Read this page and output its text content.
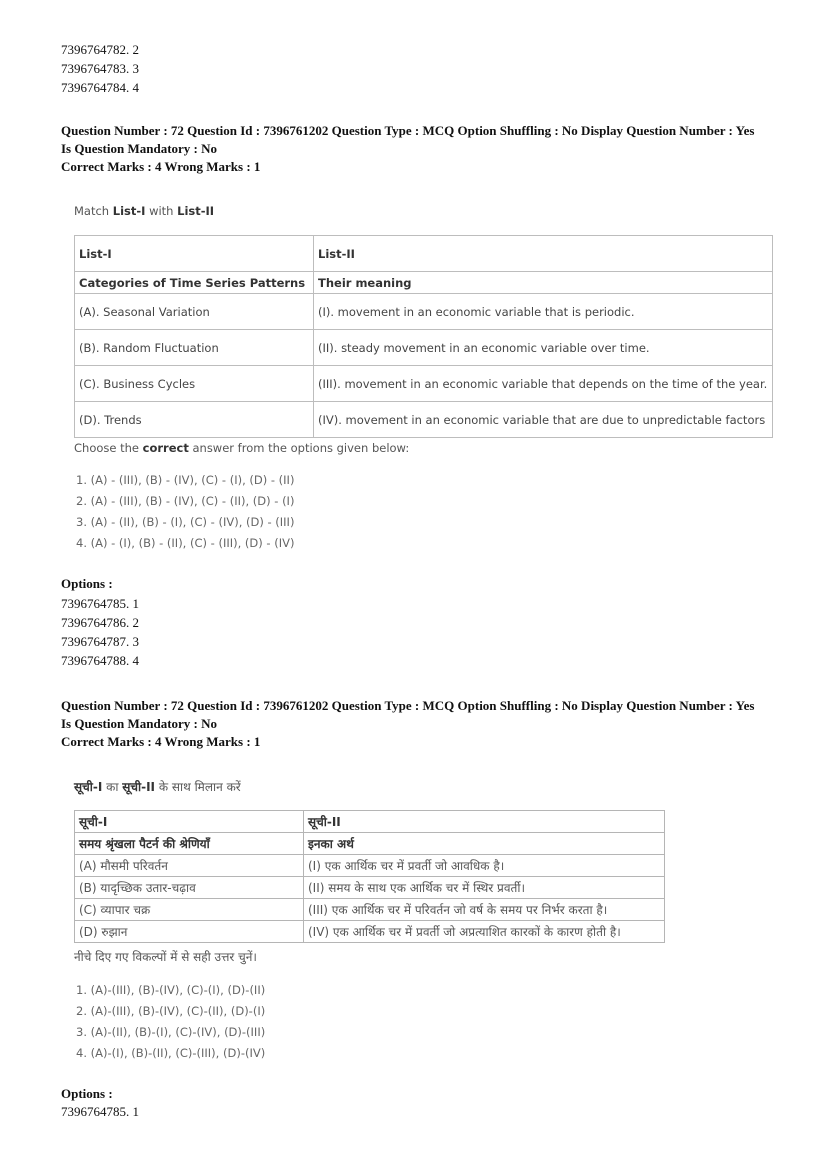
7396764782. 2
7396764783. 3
7396764784. 4
Question Number : 72 Question Id : 7396761202 Question Type : MCQ Option Shuffling : No Display Question Number : Yes
Is Question Mandatory : No
Correct Marks : 4 Wrong Marks : 1
Match List-I with List-II
List-I	List-II
Categories of Time Series Patterns	Their meaning
(A). Seasonal Variation	(I). movement in an economic variable that is periodic.
(B). Random Fluctuation	(II). steady movement in an economic variable over time.
(C). Business Cycles	(III). movement in an economic variable that depends on the time of the year.
(D). Trends	(IV). movement in an economic variable that are due to unpredictable factors
Choose the correct answer from the options given below:
1. (A) - (III), (B) - (IV), (C) - (I), (D) - (II)
2. (A) - (III), (B) - (IV), (C) - (II), (D) - (I)
3. (A) - (II), (B) - (I), (C) - (IV), (D) - (III)
4. (A) - (I), (B) - (II), (C) - (III), (D) - (IV)
Options :
7396764785. 1
7396764786. 2
7396764787. 3
7396764788. 4
Question Number : 72 Question Id : 7396761202 Question Type : MCQ Option Shuffling : No Display Question Number : Yes
Is Question Mandatory : No
Correct Marks : 4 Wrong Marks : 1
सूची-I का सूची-II के साथ मिलान करें
सूची-I	सूची-II
समय श्रृंखला पैटर्न की श्रेणियाँ	इनका अर्थ
(A) मौसमी परिवर्तन	(I) एक आर्थिक चर में प्रवर्ती जो आवधिक है।
(B) यादृच्छिक उतार-चढ़ाव	(II) समय के साथ एक आर्थिक चर में स्थिर प्रवर्ती।
(C) व्यापार चक्र	(III) एक आर्थिक चर में परिवर्तन जो वर्ष के समय पर निर्भर करता है।
(D) रुझान	(IV) एक आर्थिक चर में प्रवर्ती जो अप्रत्याशित कारकों के कारण होती है।
नीचे दिए गए विकल्पों में से सही उत्तर चुनें।
1. (A)-(III), (B)-(IV), (C)-(I), (D)-(II)
2. (A)-(III), (B)-(IV), (C)-(II), (D)-(I)
3. (A)-(II), (B)-(I), (C)-(IV), (D)-(III)
4. (A)-(I), (B)-(II), (C)-(III), (D)-(IV)
Options :
7396764785. 1
